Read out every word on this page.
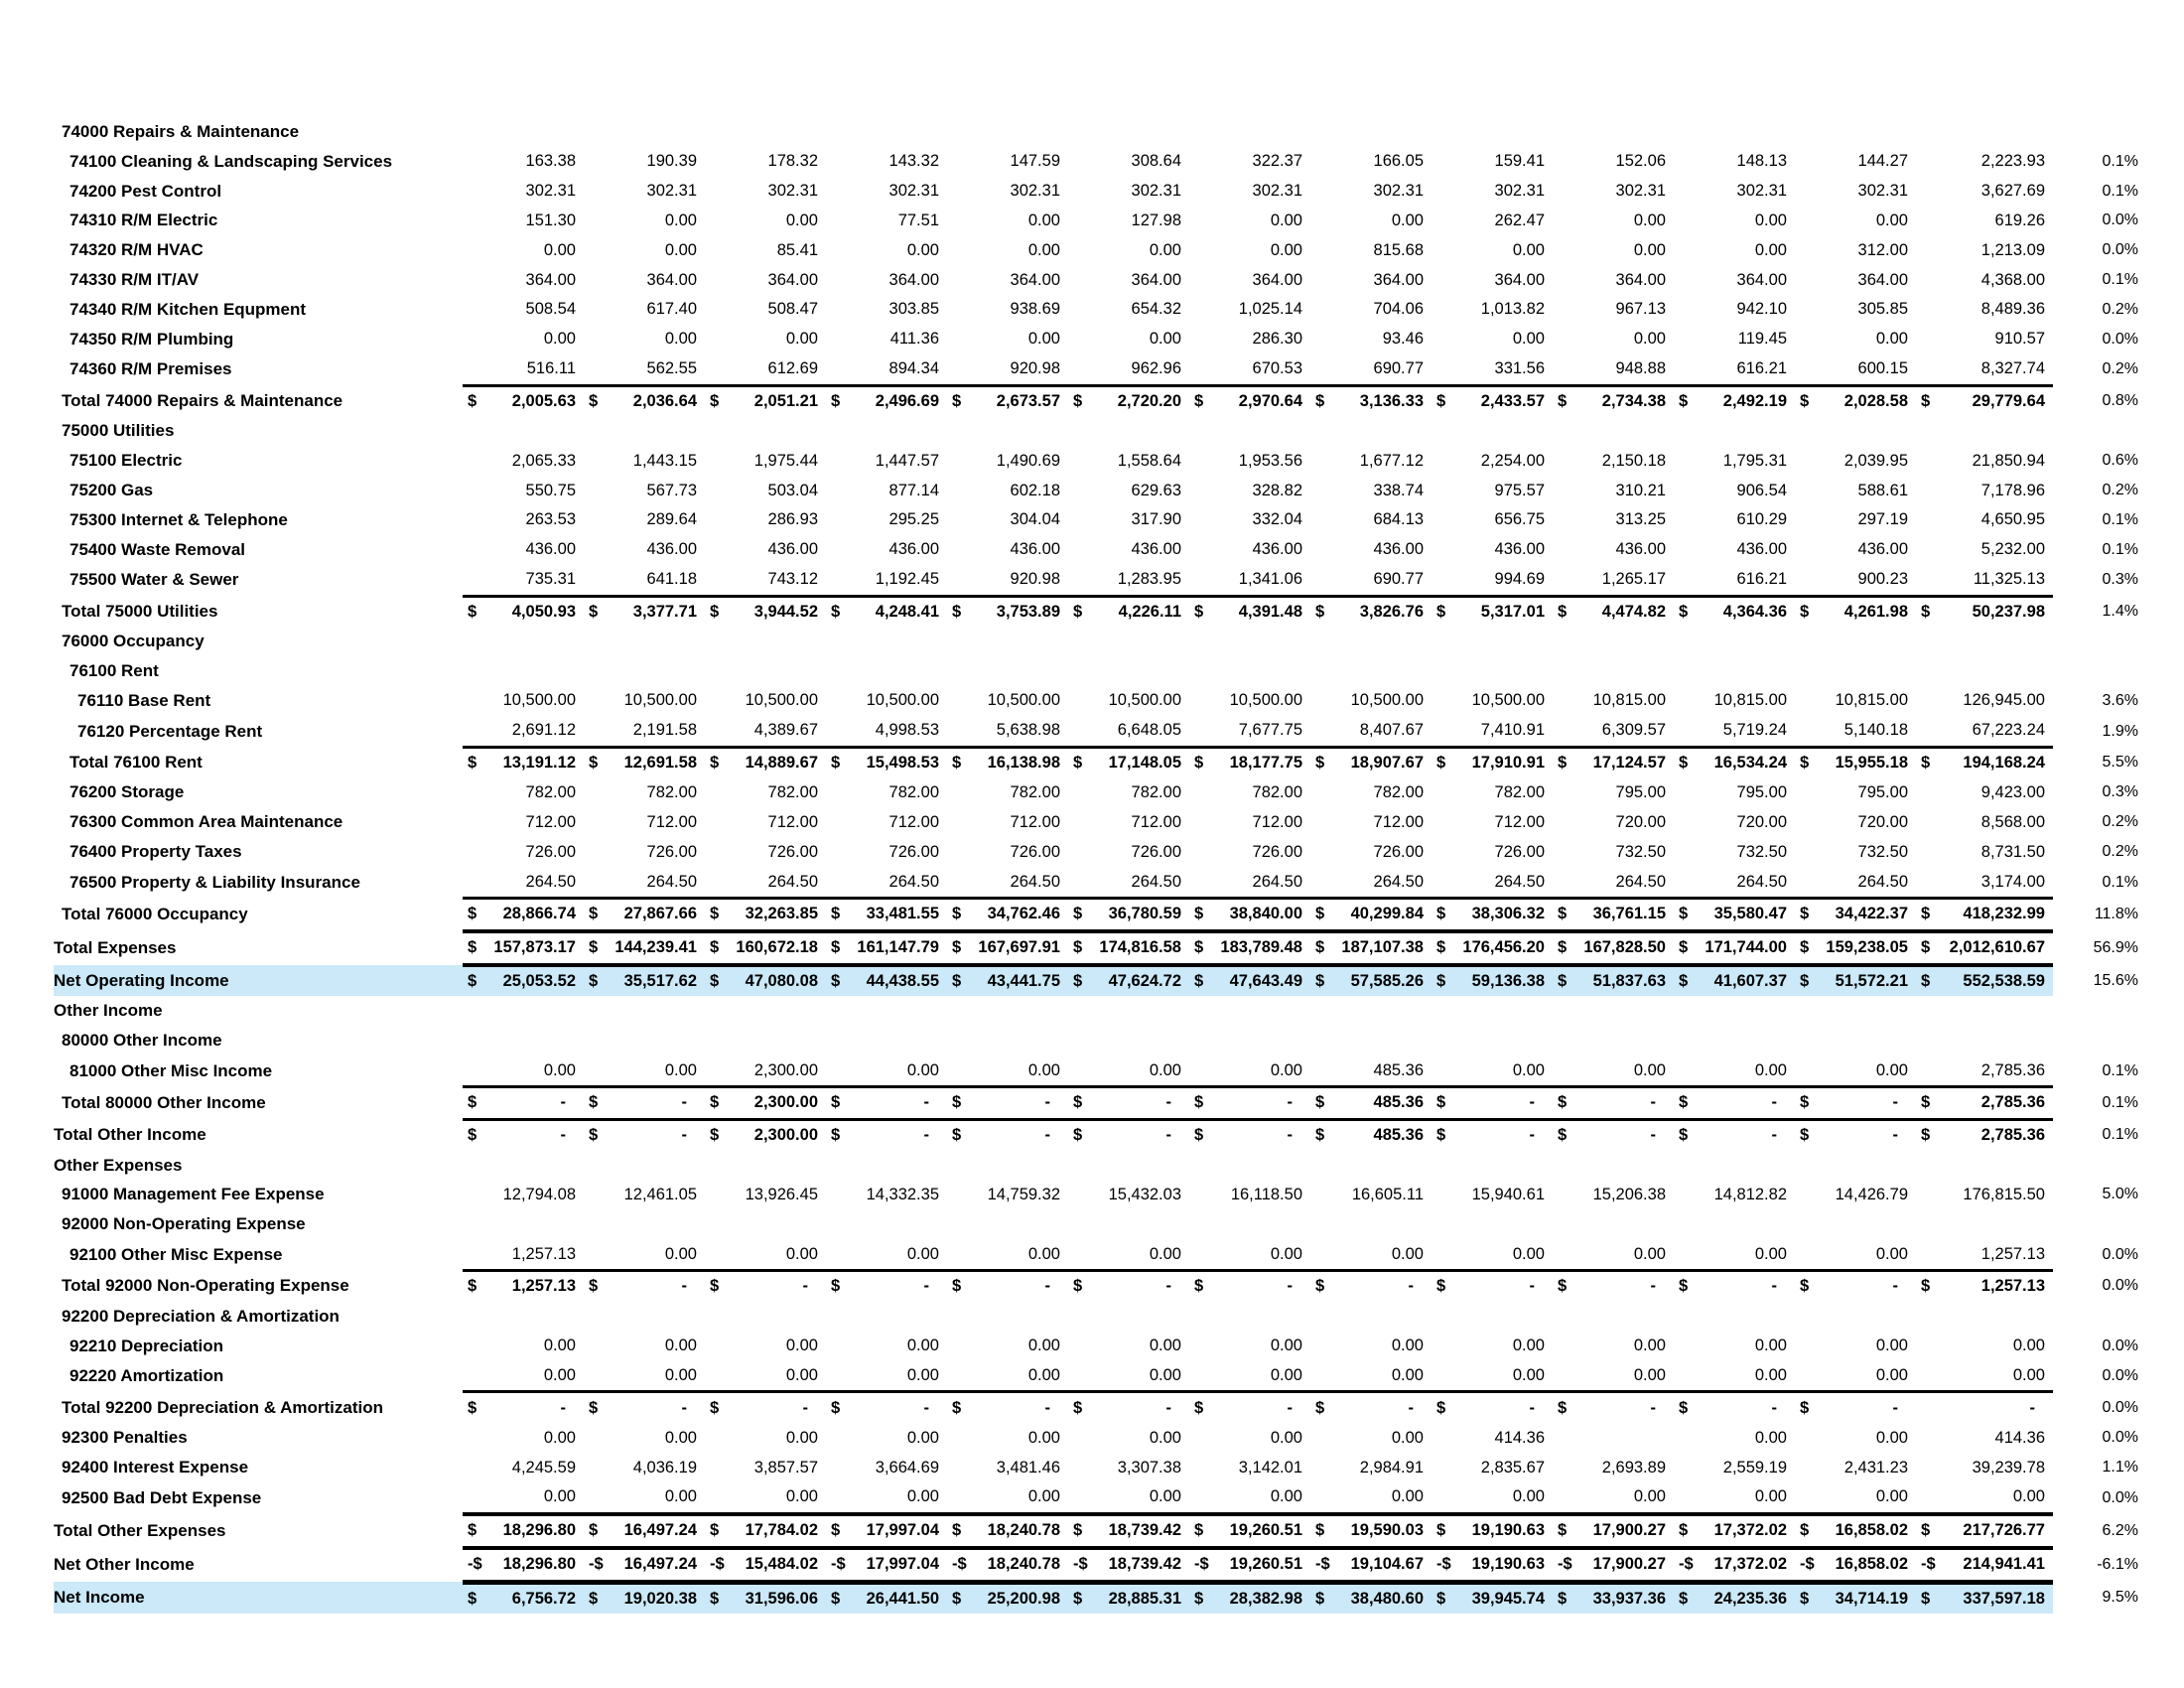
74000 Repairs & Maintenance														
74100 Cleaning & Landscaping Services	163.38	190.39	178.32	143.32	147.59	308.64	322.37	166.05	159.41	152.06	148.13	144.27	2,223.93	0.1%
74200 Pest Control	302.31	302.31	302.31	302.31	302.31	302.31	302.31	302.31	302.31	302.31	302.31	302.31	3,627.69	0.1%
74310 R/M Electric	151.30	0.00	0.00	77.51	0.00	127.98	0.00	0.00	262.47	0.00	0.00	0.00	619.26	0.0%
74320 R/M HVAC	0.00	0.00	85.41	0.00	0.00	0.00	0.00	815.68	0.00	0.00	0.00	312.00	1,213.09	0.0%
74330 R/M IT/AV	364.00	364.00	364.00	364.00	364.00	364.00	364.00	364.00	364.00	364.00	364.00	364.00	4,368.00	0.1%
74340 R/M Kitchen Equpment	508.54	617.40	508.47	303.85	938.69	654.32	1,025.14	704.06	1,013.82	967.13	942.10	305.85	8,489.36	0.2%
74350 R/M Plumbing	0.00	0.00	0.00	411.36	0.00	0.00	286.30	93.46	0.00	0.00	119.45	0.00	910.57	0.0%
74360 R/M Premises	516.11	562.55	612.69	894.34	920.98	962.96	670.53	690.77	331.56	948.88	616.21	600.15	8,327.74	0.2%
Total 74000 Repairs & Maintenance	$ 2,005.63	$ 2,036.64	$ 2,051.21	$ 2,496.69	$ 2,673.57	$ 2,720.20	$ 2,970.64	$ 3,136.33	$ 2,433.57	$ 2,734.38	$ 2,492.19	$ 2,028.58	$ 29,779.64	0.8%
75000 Utilities														
75100 Electric	2,065.33	1,443.15	1,975.44	1,447.57	1,490.69	1,558.64	1,953.56	1,677.12	2,254.00	2,150.18	1,795.31	2,039.95	21,850.94	0.6%
75200 Gas	550.75	567.73	503.04	877.14	602.18	629.63	328.82	338.74	975.57	310.21	906.54	588.61	7,178.96	0.2%
75300 Internet & Telephone	263.53	289.64	286.93	295.25	304.04	317.90	332.04	684.13	656.75	313.25	610.29	297.19	4,650.95	0.1%
75400 Waste Removal	436.00	436.00	436.00	436.00	436.00	436.00	436.00	436.00	436.00	436.00	436.00	436.00	5,232.00	0.1%
75500 Water & Sewer	735.31	641.18	743.12	1,192.45	920.98	1,283.95	1,341.06	690.77	994.69	1,265.17	616.21	900.23	11,325.13	0.3%
Total 75000 Utilities	$ 4,050.93	$ 3,377.71	$ 3,944.52	$ 4,248.41	$ 3,753.89	$ 4,226.11	$ 4,391.48	$ 3,826.76	$ 5,317.01	$ 4,474.82	$ 4,364.36	$ 4,261.98	$ 50,237.98	1.4%
76000 Occupancy														
76100 Rent														
76110 Base Rent	10,500.00	10,500.00	10,500.00	10,500.00	10,500.00	10,500.00	10,500.00	10,500.00	10,500.00	10,815.00	10,815.00	10,815.00	126,945.00	3.6%
76120 Percentage Rent	2,691.12	2,191.58	4,389.67	4,998.53	5,638.98	6,648.05	7,677.75	8,407.67	7,410.91	6,309.57	5,719.24	5,140.18	67,223.24	1.9%
Total 76100 Rent	$ 13,191.12	$ 12,691.58	$ 14,889.67	$ 15,498.53	$ 16,138.98	$ 17,148.05	$ 18,177.75	$ 18,907.67	$ 17,910.91	$ 17,124.57	$ 16,534.24	$ 15,955.18	$ 194,168.24	5.5%
76200 Storage	782.00	782.00	782.00	782.00	782.00	782.00	782.00	782.00	782.00	795.00	795.00	795.00	9,423.00	0.3%
76300 Common Area Maintenance	712.00	712.00	712.00	712.00	712.00	712.00	712.00	712.00	712.00	720.00	720.00	720.00	8,568.00	0.2%
76400 Property Taxes	726.00	726.00	726.00	726.00	726.00	726.00	726.00	726.00	726.00	732.50	732.50	732.50	8,731.50	0.2%
76500 Property & Liability Insurance	264.50	264.50	264.50	264.50	264.50	264.50	264.50	264.50	264.50	264.50	264.50	264.50	3,174.00	0.1%
Total 76000 Occupancy	$ 28,866.74	$ 27,867.66	$ 32,263.85	$ 33,481.55	$ 34,762.46	$ 36,780.59	$ 38,840.00	$ 40,299.84	$ 38,306.32	$ 36,761.15	$ 35,580.47	$ 34,422.37	$ 418,232.99	11.8%
Total Expenses	$ 157,873.17	$ 144,239.41	$ 160,672.18	$ 161,147.79	$ 167,697.91	$ 174,816.58	$ 183,789.48	$ 187,107.38	$ 176,456.20	$ 167,828.50	$ 171,744.00	$ 159,238.05	$ 2,012,610.67	56.9%
Net Operating Income	$ 25,053.52	$ 35,517.62	$ 47,080.08	$ 44,438.55	$ 43,441.75	$ 47,624.72	$ 47,643.49	$ 57,585.26	$ 59,136.38	$ 51,837.63	$ 41,607.37	$ 51,572.21	$ 552,538.59	15.6%
Other Income														
80000 Other Income														
81000 Other Misc Income	0.00	0.00	2,300.00	0.00	0.00	0.00	0.00	485.36	0.00	0.00	0.00	0.00	2,785.36	0.1%
Total 80000 Other Income	$ -	$ -	$ 2,300.00	$ -	$ -	$ -	$ -	$ 485.36	$ -	$ -	$ -	$ -	$ 2,785.36	0.1%
Total Other Income	$ -	$ -	$ 2,300.00	$ -	$ -	$ -	$ -	$ 485.36	$ -	$ -	$ -	$ -	$ 2,785.36	0.1%
Other Expenses														
91000 Management Fee Expense	12,794.08	12,461.05	13,926.45	14,332.35	14,759.32	15,432.03	16,118.50	16,605.11	15,940.61	15,206.38	14,812.82	14,426.79	176,815.50	5.0%
92000 Non-Operating Expense														
92100 Other Misc Expense	1,257.13	0.00	0.00	0.00	0.00	0.00	0.00	0.00	0.00	0.00	0.00	0.00	1,257.13	0.0%
Total 92000 Non-Operating Expense	$ 1,257.13	$ -	$ -	$ -	$ -	$ -	$ -	$ -	$ -	$ -	$ -	$ -	$ 1,257.13	0.0%
92200 Depreciation & Amortization														
92210 Depreciation	0.00	0.00	0.00	0.00	0.00	0.00	0.00	0.00	0.00	0.00	0.00	0.00	0.00	0.0%
92220 Amortization	0.00	0.00	0.00	0.00	0.00	0.00	0.00	0.00	0.00	0.00	0.00	0.00	0.00	0.0%
Total 92200 Depreciation & Amortization	$ -	$ -	$ -	$ -	$ -	$ -	$ -	$ -	$ -	$ -	$ -	$ -	-	0.0%
92300 Penalties	0.00	0.00	0.00	0.00	0.00	0.00	0.00	0.00	414.36		0.00	0.00	414.36	0.0%
92400 Interest Expense	4,245.59	4,036.19	3,857.57	3,664.69	3,481.46	3,307.38	3,142.01	2,984.91	2,835.67	2,693.89	2,559.19	2,431.23	39,239.78	1.1%
92500 Bad Debt Expense	0.00	0.00	0.00	0.00	0.00	0.00	0.00	0.00	0.00	0.00	0.00	0.00	0.00	0.0%
Total Other Expenses	$ 18,296.80	$ 16,497.24	$ 17,784.02	$ 17,997.04	$ 18,240.78	$ 18,739.42	$ 19,260.51	$ 19,590.03	$ 19,190.63	$ 17,900.27	$ 17,372.02	$ 16,858.02	$ 217,726.77	6.2%
Net Other Income	-$ 18,296.80	-$ 16,497.24	-$ 15,484.02	-$ 17,997.04	-$ 18,240.78	-$ 18,739.42	-$ 19,260.51	-$ 19,104.67	-$ 19,190.63	-$ 17,900.27	-$ 17,372.02	-$ 16,858.02	-$ 214,941.41	-6.1%
Net Income	$ 6,756.72	$ 19,020.38	$ 31,596.06	$ 26,441.50	$ 25,200.98	$ 28,885.31	$ 28,382.98	$ 38,480.60	$ 39,945.74	$ 33,937.36	$ 24,235.36	$ 34,714.19	$ 337,597.18	9.5%
